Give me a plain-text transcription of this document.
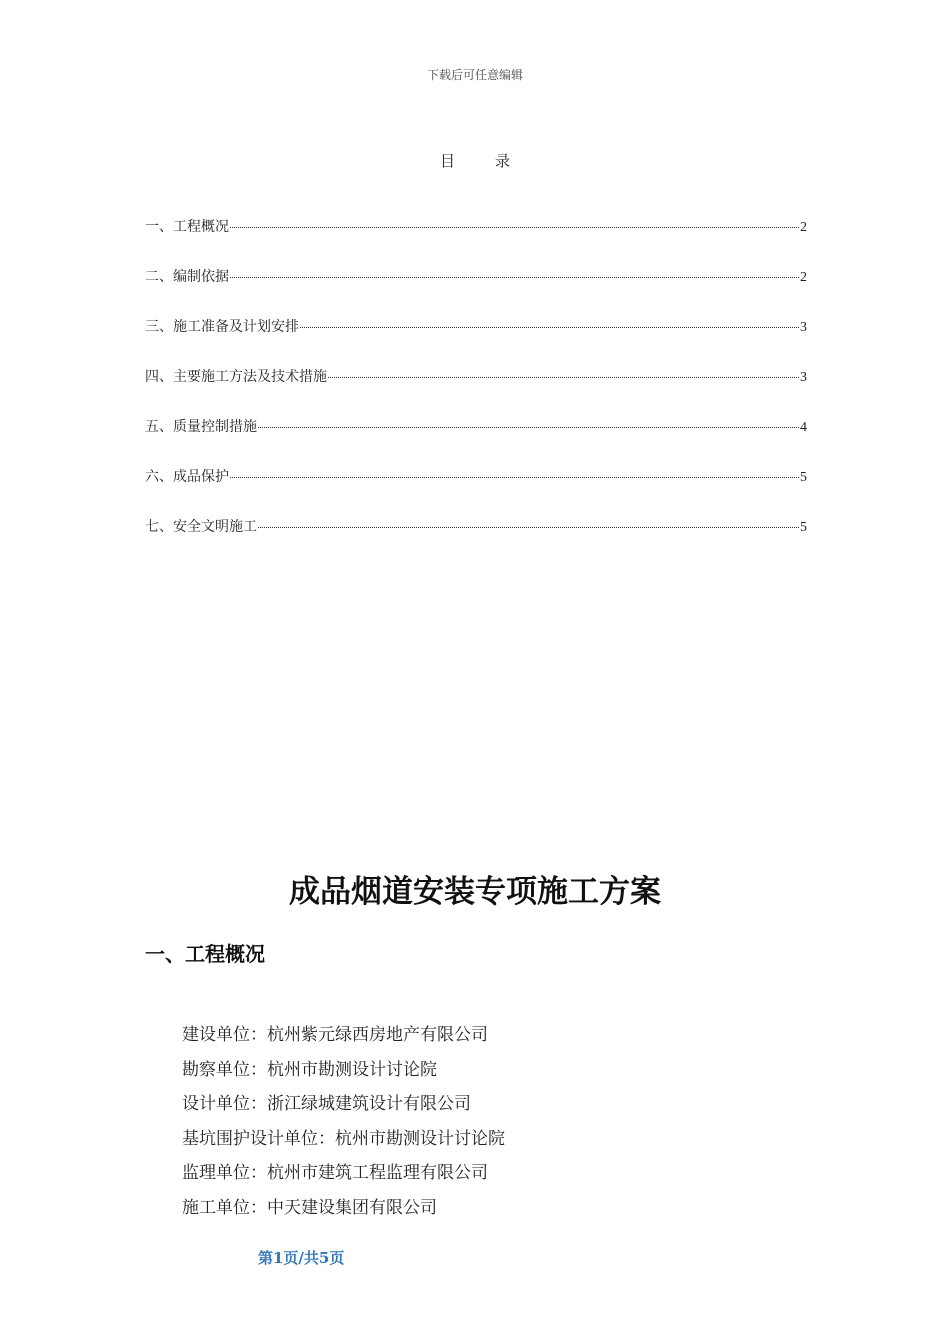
下载后可任意编辑
目录
一、工程概况	2
二、编制依据	2
三、施工准备及计划安排	3
四、主要施工方法及技术措施	3
五、质量控制措施	4
六、成品保护	5
七、安全文明施工	5
成品烟道安装专项施工方案
一、工程概况
建设单位：杭州紫元绿西房地产有限公司
勘察单位：杭州市勘测设计讨论院
设计单位：浙江绿城建筑设计有限公司
基坑围护设计单位：杭州市勘测设计讨论院
监理单位：杭州市建筑工程监理有限公司
施工单位：中天建设集团有限公司
第1页/共5页
